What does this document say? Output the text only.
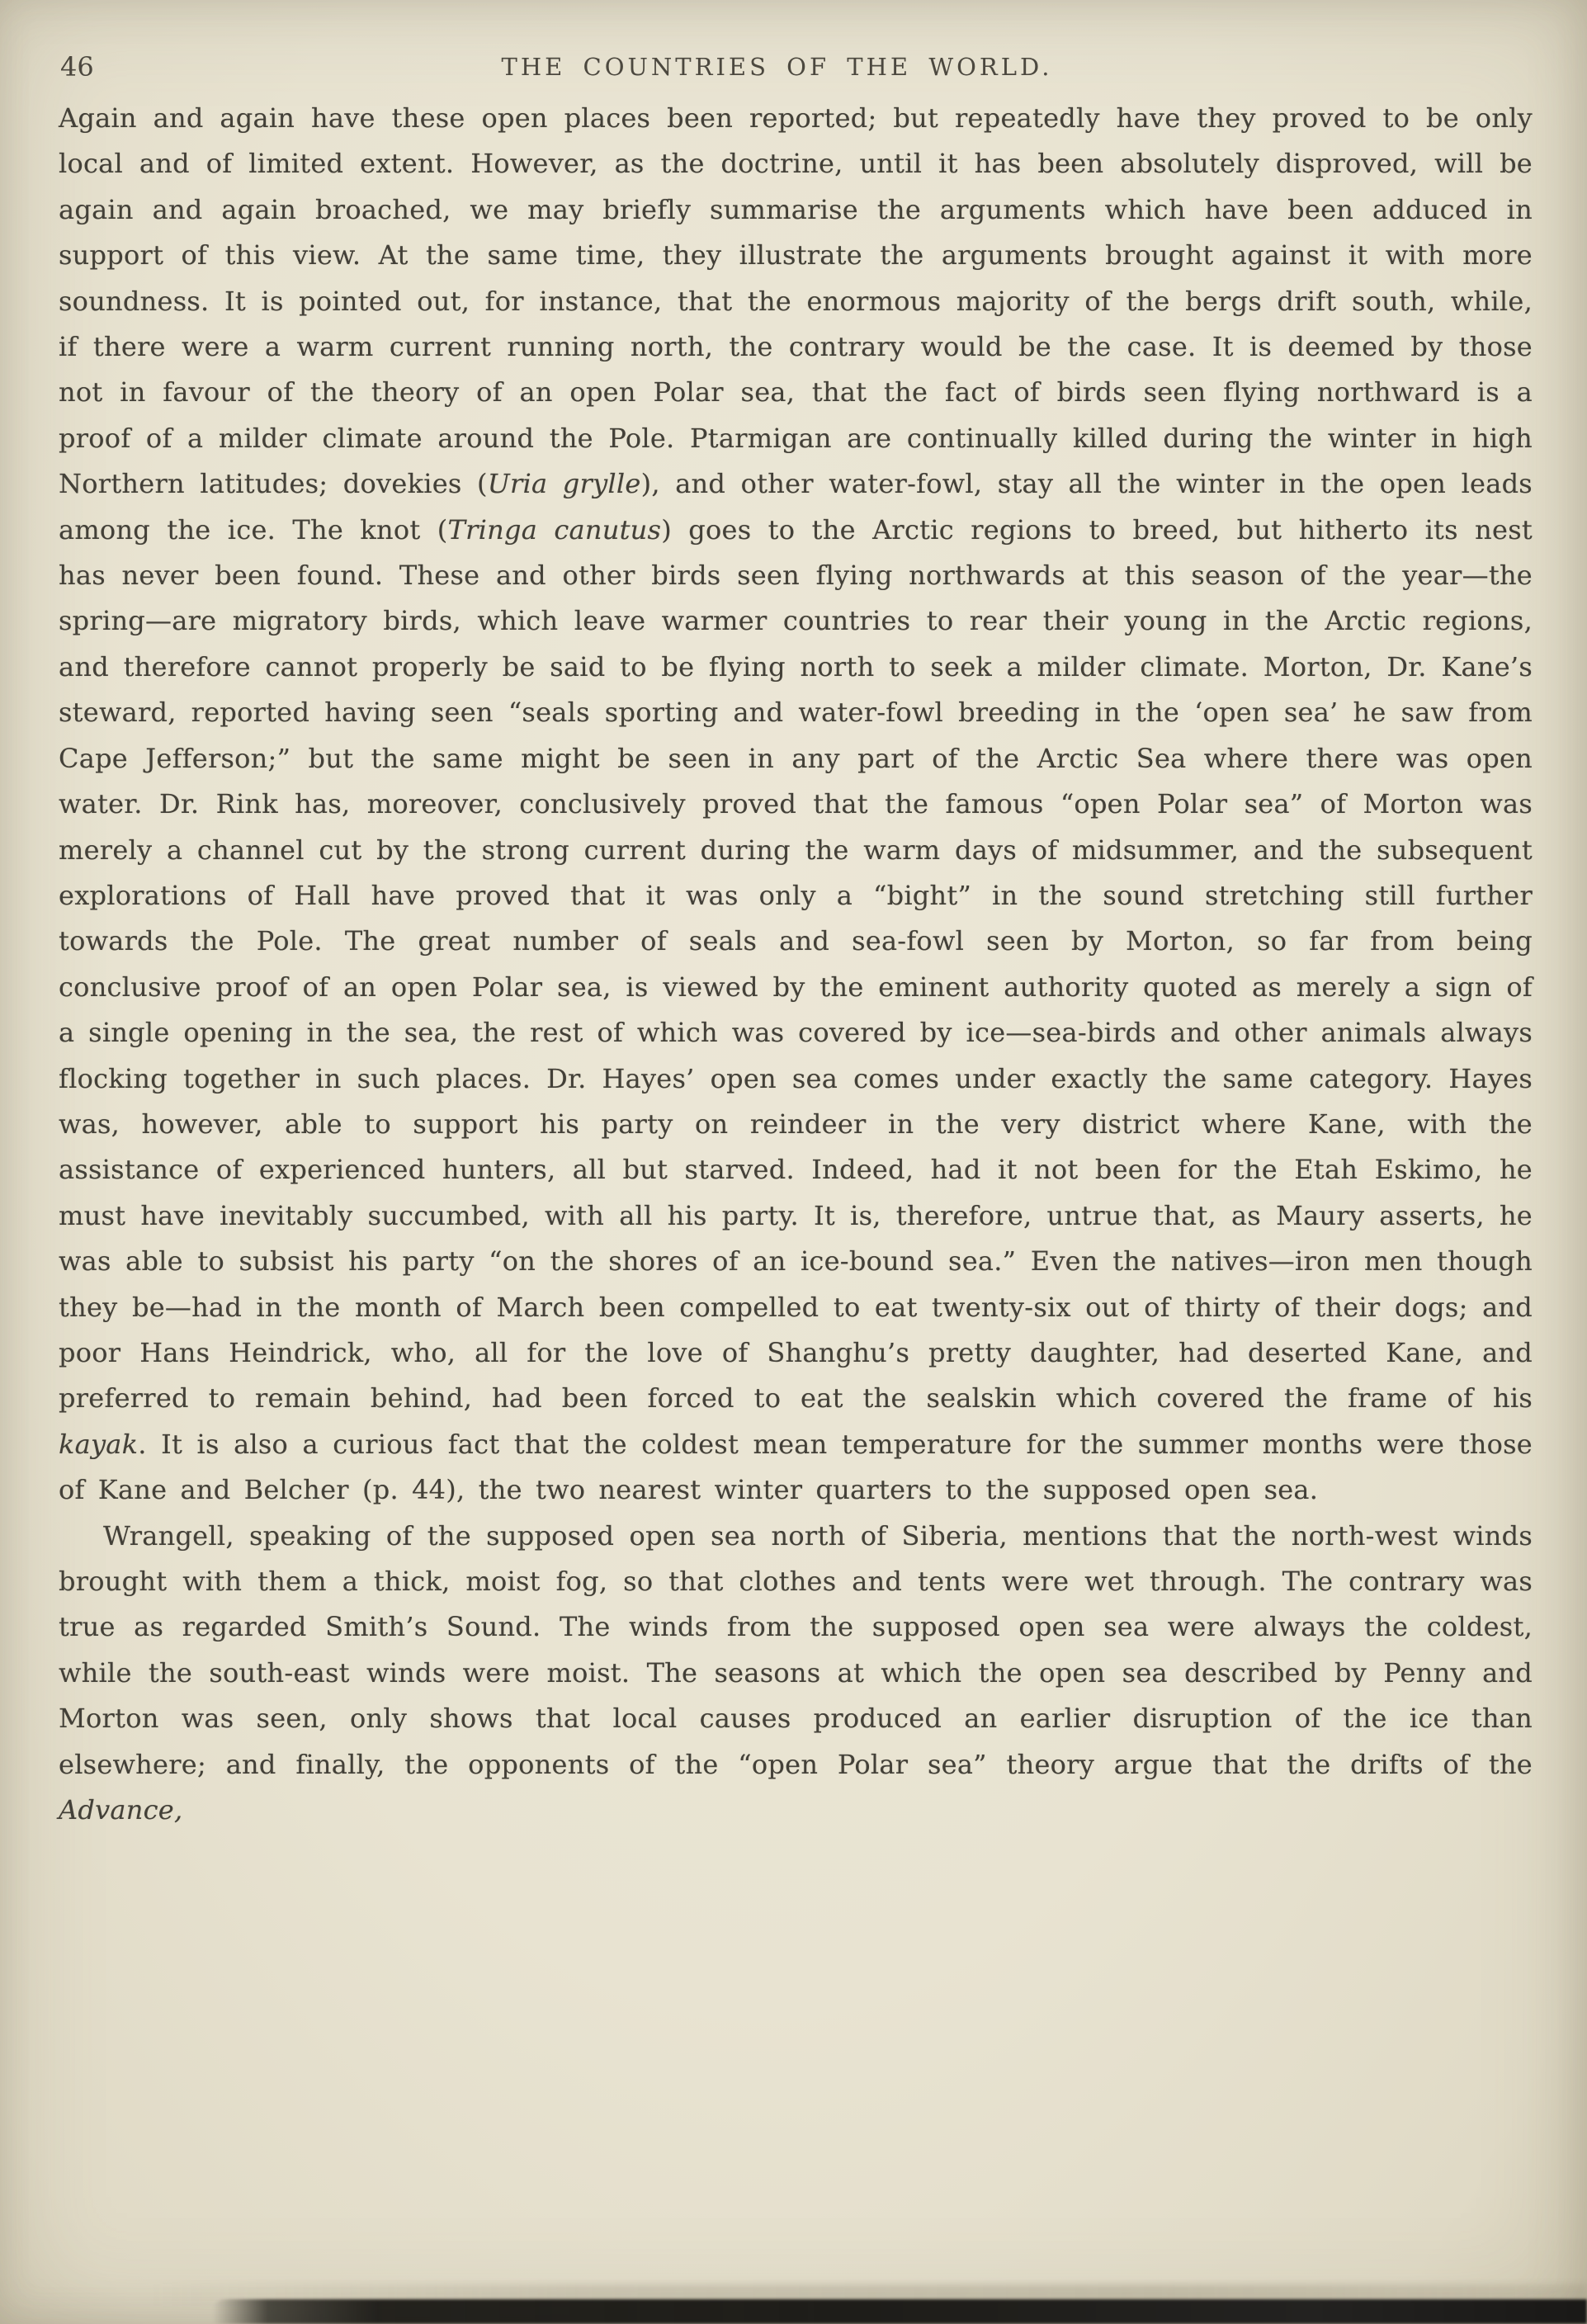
46	THE COUNTRIES OF THE WORLD.

Again and again have these open places been reported; but repeatedly have they proved to be only local and of limited extent. However, as the doctrine, until it has been absolutely disproved, will be again and again broached, we may briefly summarise the arguments which have been adduced in support of this view. At the same time, they illustrate the arguments brought against it with more soundness. It is pointed out, for instance, that the enormous majority of the bergs drift south, while, if there were a warm current running north, the contrary would be the case. It is deemed by those not in favour of the theory of an open Polar sea, that the fact of birds seen flying northward is a proof of a milder climate around the Pole. Ptarmigan are continually killed during the winter in high Northern latitudes; dovekies (Uria grylle), and other water-fowl, stay all the winter in the open leads among the ice. The knot (Tringa canutus) goes to the Arctic regions to breed, but hitherto its nest has never been found. These and other birds seen flying northwards at this season of the year—the spring—are migratory birds, which leave warmer countries to rear their young in the Arctic regions, and therefore cannot properly be said to be flying north to seek a milder climate. Morton, Dr. Kane’s steward, reported having seen “seals sporting and water-fowl breeding in the ‘open sea’ he saw from Cape Jefferson;” but the same might be seen in any part of the Arctic Sea where there was open water. Dr. Rink has, moreover, conclusively proved that the famous “open Polar sea” of Morton was merely a channel cut by the strong current during the warm days of midsummer, and the subsequent explorations of Hall have proved that it was only a “bight” in the sound stretching still further towards the Pole. The great number of seals and sea-fowl seen by Morton, so far from being conclusive proof of an open Polar sea, is viewed by the eminent authority quoted as merely a sign of a single opening in the sea, the rest of which was covered by ice—sea-birds and other animals always flocking together in such places. Dr. Hayes’ open sea comes under exactly the same category. Hayes was, however, able to support his party on reindeer in the very district where Kane, with the assistance of experienced hunters, all but starved. Indeed, had it not been for the Etah Eskimo, he must have inevitably succumbed, with all his party. It is, therefore, untrue that, as Maury asserts, he was able to subsist his party “on the shores of an ice-bound sea.” Even the natives—iron men though they be—had in the month of March been compelled to eat twenty-six out of thirty of their dogs; and poor Hans Heindrick, who, all for the love of Shanghu’s pretty daughter, had deserted Kane, and preferred to remain behind, had been forced to eat the sealskin which covered the frame of his kayak. It is also a curious fact that the coldest mean temperature for the summer months were those of Kane and Belcher (p. 44), the two nearest winter quarters to the supposed open sea.

Wrangell, speaking of the supposed open sea north of Siberia, mentions that the north-west winds brought with them a thick, moist fog, so that clothes and tents were wet through. The contrary was true as regarded Smith’s Sound. The winds from the supposed open sea were always the coldest, while the south-east winds were moist. The seasons at which the open sea described by Penny and Morton was seen, only shows that local causes produced an earlier disruption of the ice than elsewhere; and finally, the opponents of the “open Polar sea” theory argue that the drifts of the Advance,
